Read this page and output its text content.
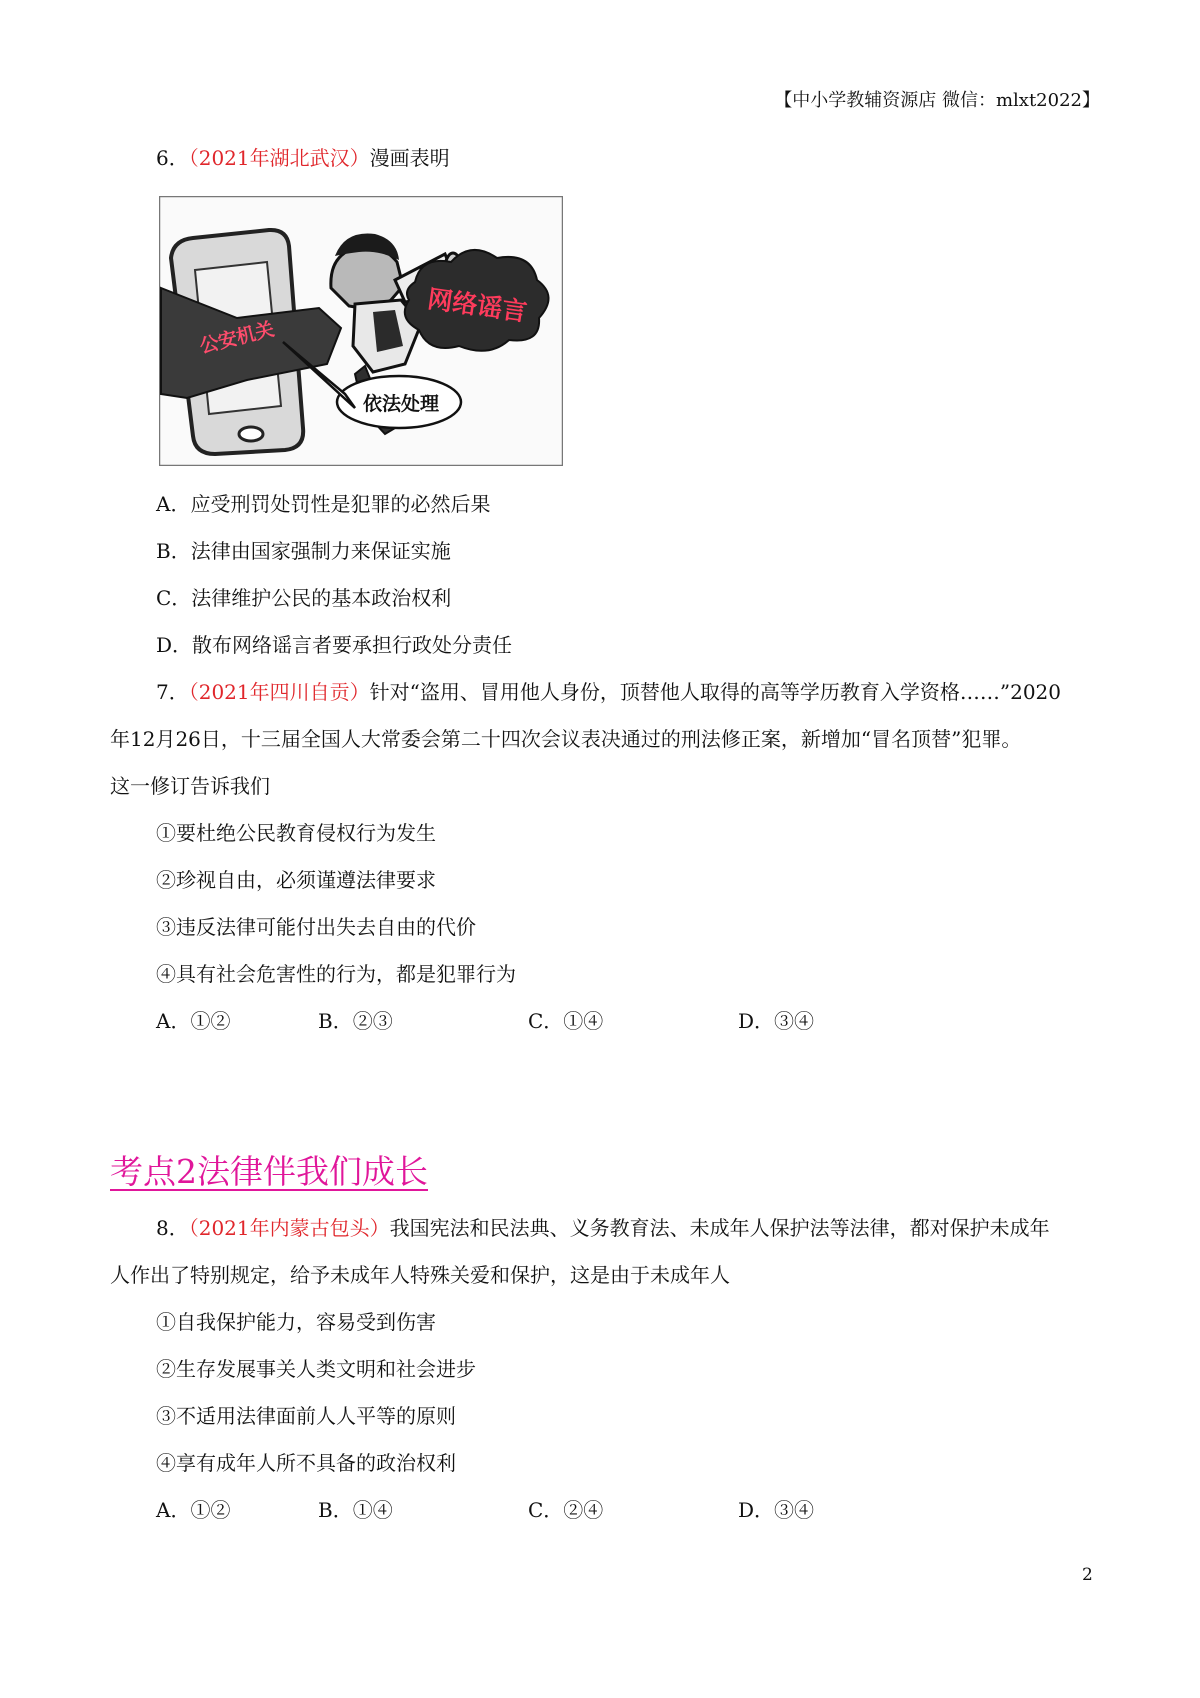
【中小学教辅资源店 微信：mlxt2022】
6．（2021年湖北武汉）漫画表明
网络谣言
公安机关
依法处理
A．应受刑罚处罚性是犯罪的必然后果
B．法律由国家强制力来保证实施
C．法律维护公民的基本政治权利
D．散布网络谣言者要承担行政处分责任
7．（2021年四川自贡）针对“盗用、冒用他人身份，顶替他人取得的高等学历教育入学资格……”2020
年12月26日，十三届全国人大常委会第二十四次会议表决通过的刑法修正案，新增加“冒名顶替”犯罪。
这一修订告诉我们
①要杜绝公民教育侵权行为发生
②珍视自由，必须谨遵法律要求
③违反法律可能付出失去自由的代价
④具有社会危害性的行为，都是犯罪行为
A．①②	B．②③	C．①④	D．③④
考点2法律伴我们成长
8．（2021年内蒙古包头）我国宪法和民法典、义务教育法、未成年人保护法等法律，都对保护未成年
人作出了特别规定，给予未成年人特殊关爱和保护，这是由于未成年人
①自我保护能力，容易受到伤害
②生存发展事关人类文明和社会进步
③不适用法律面前人人平等的原则
④享有成年人所不具备的政治权利
A．①②	B．①④	C．②④	D．③④
2
